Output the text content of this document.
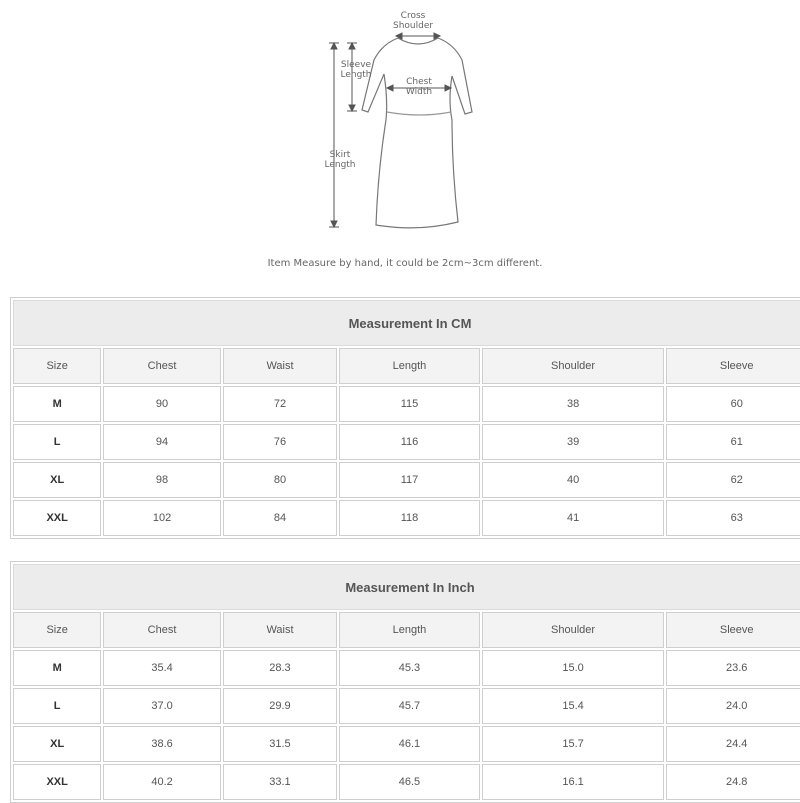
Cross
Shoulder
Sleeve
Length
Chest
Width
Skirt
Length
Item Measure by hand, it could be 2cm~3cm different.
Measurement In CM
Size	Chest	Waist	Length	Shoulder	Sleeve
M	90	72	115	38	60
L	94	76	116	39	61
XL	98	80	117	40	62
XXL	102	84	118	41	63
Measurement In Inch
Size	Chest	Waist	Length	Shoulder	Sleeve
M	35.4	28.3	45.3	15.0	23.6
L	37.0	29.9	45.7	15.4	24.0
XL	38.6	31.5	46.1	15.7	24.4
XXL	40.2	33.1	46.5	16.1	24.8
